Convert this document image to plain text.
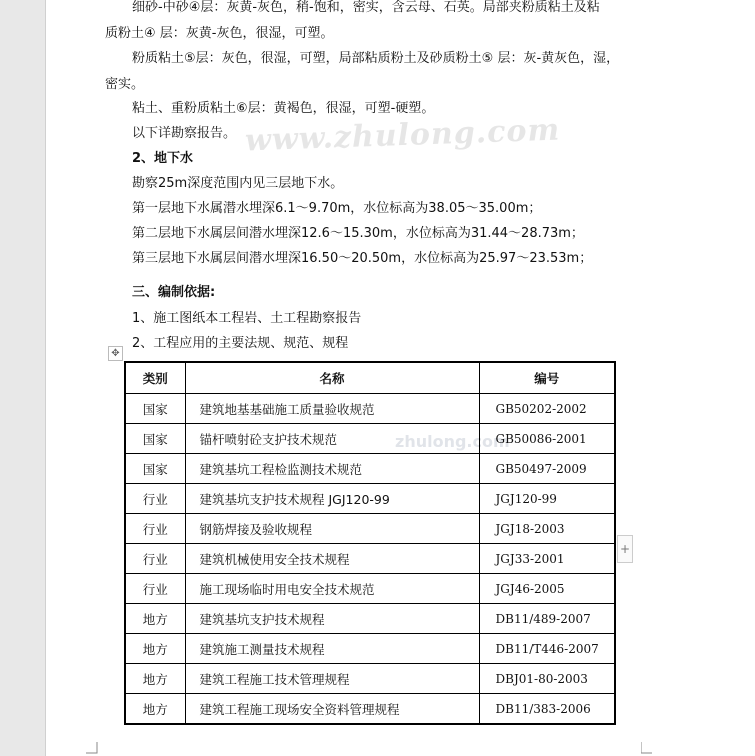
www.zhulong.com
zhulong.com
细砂-中砂④层：灰黄-灰色，稍-饱和，密实，含云母、石英。局部夹粉质粘土及粘
质粉土④ 层：灰黄-灰色，很湿，可塑。
粉质粘土⑤层：灰色，很湿，可塑，局部粘质粉土及砂质粉土⑤ 层：灰-黄灰色，湿，
密实。
粘土、重粉质粘土⑥层：黄褐色，很湿，可塑-硬塑。
以下详勘察报告。
2、地下水
勘察25m深度范围内见三层地下水。
第一层地下水属潜水埋深6.1～9.70m，水位标高为38.05～35.00m；
第二层地下水属层间潜水埋深12.6～15.30m，水位标高为31.44～28.73m；
第三层地下水属层间潜水埋深16.50～20.50m，水位标高为25.97～23.53m；
三、编制依据:
1、施工图纸本工程岩、土工程勘察报告
2、工程应用的主要法规、规范、规程
✥
类别	名称	编号
国家	建筑地基基础施工质量验收规范	GB50202-2002
国家	锚杆喷射砼支护技术规范	GB50086-2001
国家	建筑基坑工程检监测技术规范	GB50497-2009
行业	建筑基坑支护技术规程 JGJ120-99	JGJ120-99
行业	钢筋焊接及验收规程	JGJ18-2003
行业	建筑机械使用安全技术规程	JGJ33-2001
行业	施工现场临时用电安全技术规范	JGJ46-2005
地方	建筑基坑支护技术规程	DB11/489-2007
地方	建筑施工测量技术规程	DB11/T446-2007
地方	建筑工程施工技术管理规程	DBJ01-80-2003
地方	建筑工程施工现场安全资料管理规程	DB11/383-2006
+
